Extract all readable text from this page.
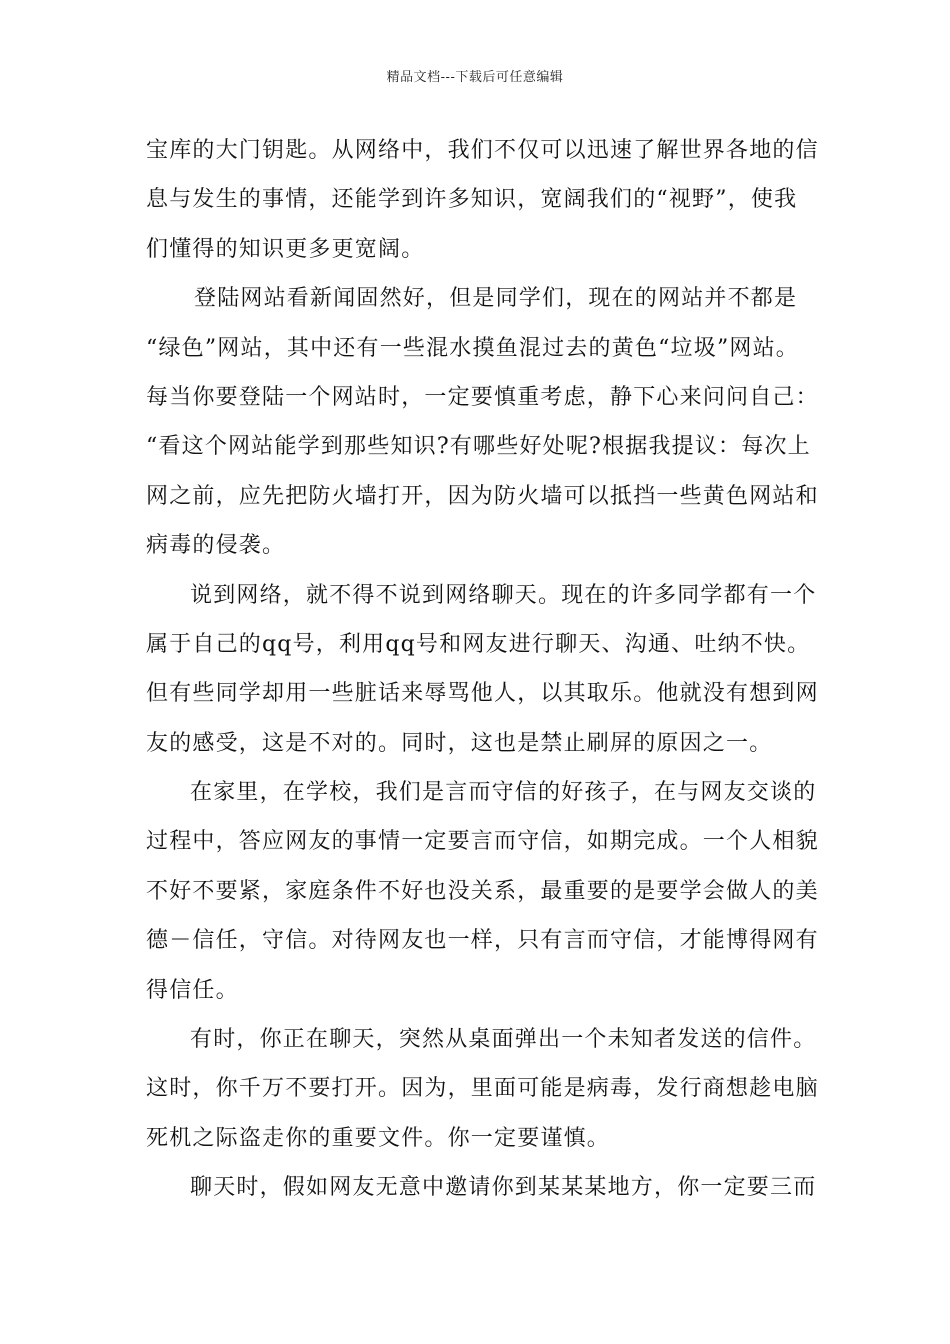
精品文档---下载后可任意编辑
宝库的大门钥匙。从网络中，我们不仅可以迅速了解世界各地的信
息与发生的事情，还能学到许多知识，宽阔我们的“视野”，使我
们懂得的知识更多更宽阔。
登陆网站看新闻固然好，但是同学们，现在的网站并不都是
“绿色”网站，其中还有一些混水摸鱼混过去的黄色“垃圾”网站。
每当你要登陆一个网站时，一定要慎重考虑，静下心来问问自己：
“看这个网站能学到那些知识?有哪些好处呢?根据我提议：每次上
网之前，应先把防火墙打开，因为防火墙可以抵挡一些黄色网站和
病毒的侵袭。
说到网络，就不得不说到网络聊天。现在的许多同学都有一个
属于自己的qq号，利用qq号和网友进行聊天、沟通、吐纳不快。
但有些同学却用一些脏话来辱骂他人，以其取乐。他就没有想到网
友的感受，这是不对的。同时，这也是禁止刷屏的原因之一。
在家里，在学校，我们是言而守信的好孩子，在与网友交谈的
过程中，答应网友的事情一定要言而守信，如期完成。一个人相貌
不好不要紧，家庭条件不好也没关系，最重要的是要学会做人的美
德－信任，守信。对待网友也一样，只有言而守信，才能博得网有
得信任。
有时，你正在聊天，突然从桌面弹出一个未知者发送的信件。
这时，你千万不要打开。因为，里面可能是病毒，发行商想趁电脑
死机之际盗走你的重要文件。你一定要谨慎。
聊天时，假如网友无意中邀请你到某某某地方，你一定要三而
